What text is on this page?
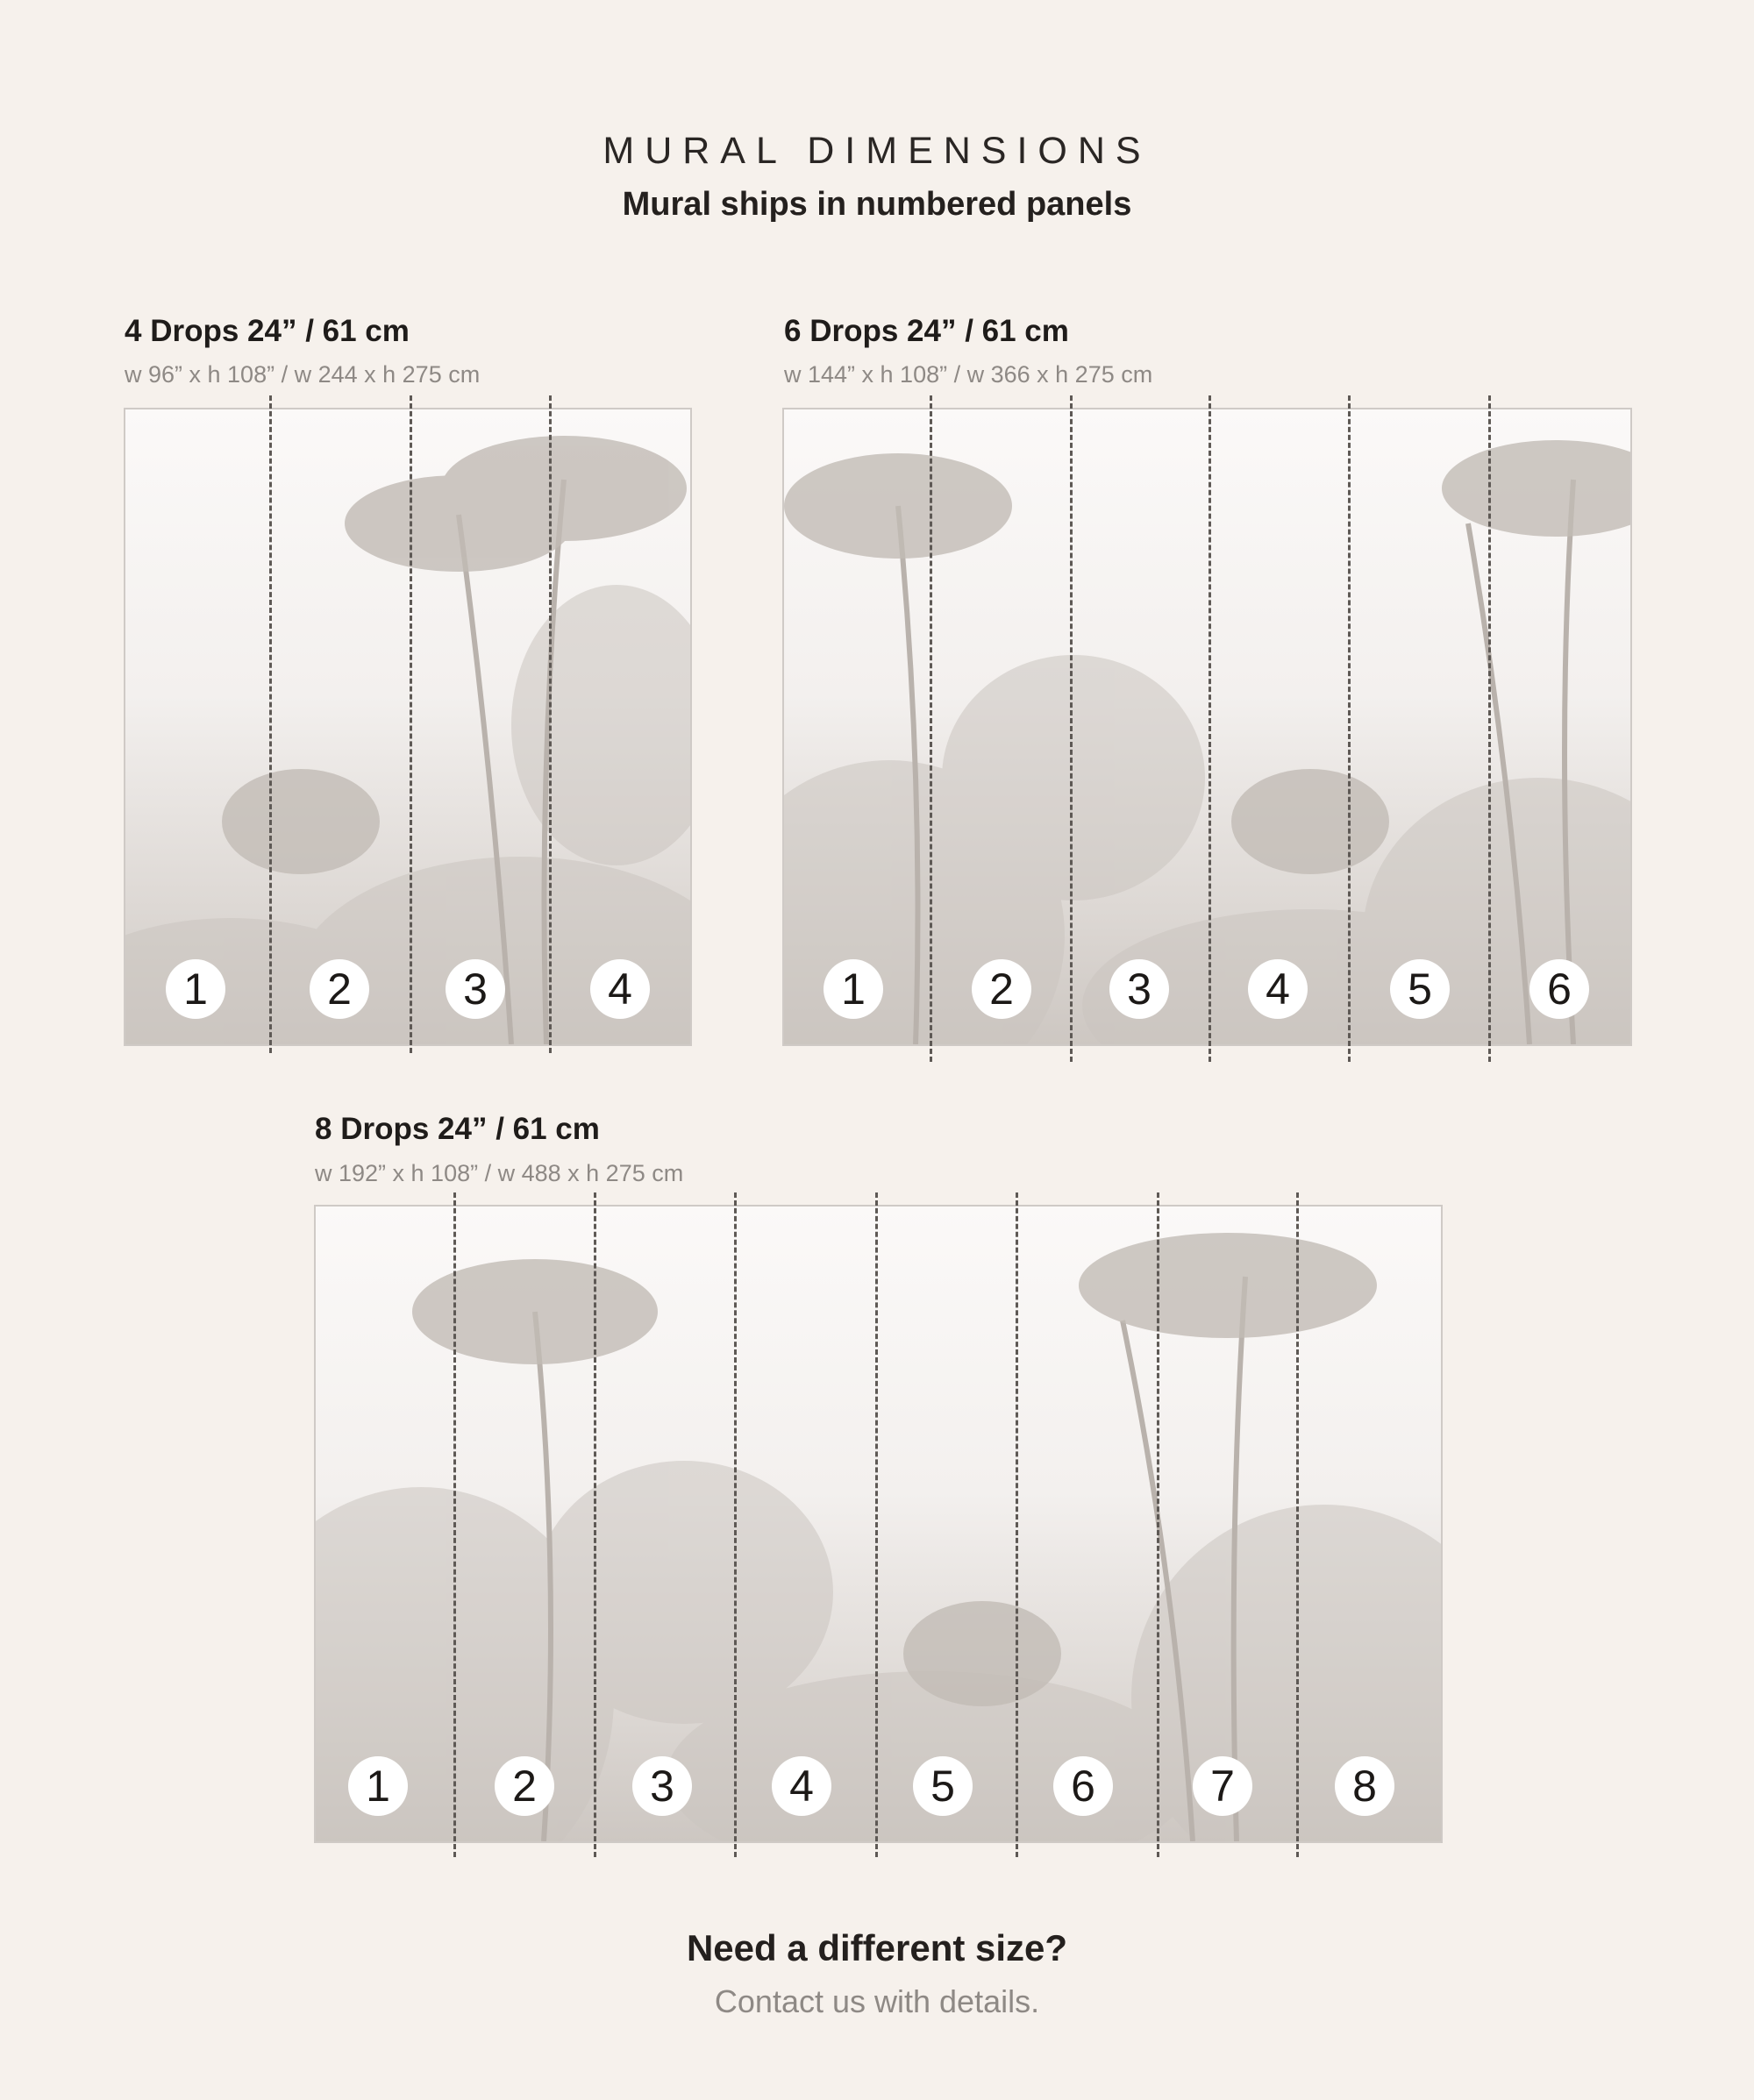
MURAL DIMENSIONS
Mural ships in numbered panels
4 Drops 24” / 61 cm
w 96” x h 108” / w 244 x h 275 cm
1	2	3	4
6 Drops 24” / 61 cm
w 144” x h 108” / w 366 x h 275 cm
1	2	3	4	5	6
8 Drops 24” / 61 cm
w 192” x h 108” / w 488 x h 275 cm
1	2	3	4	5	6	7	8
Need a different size?
Contact us with details.
